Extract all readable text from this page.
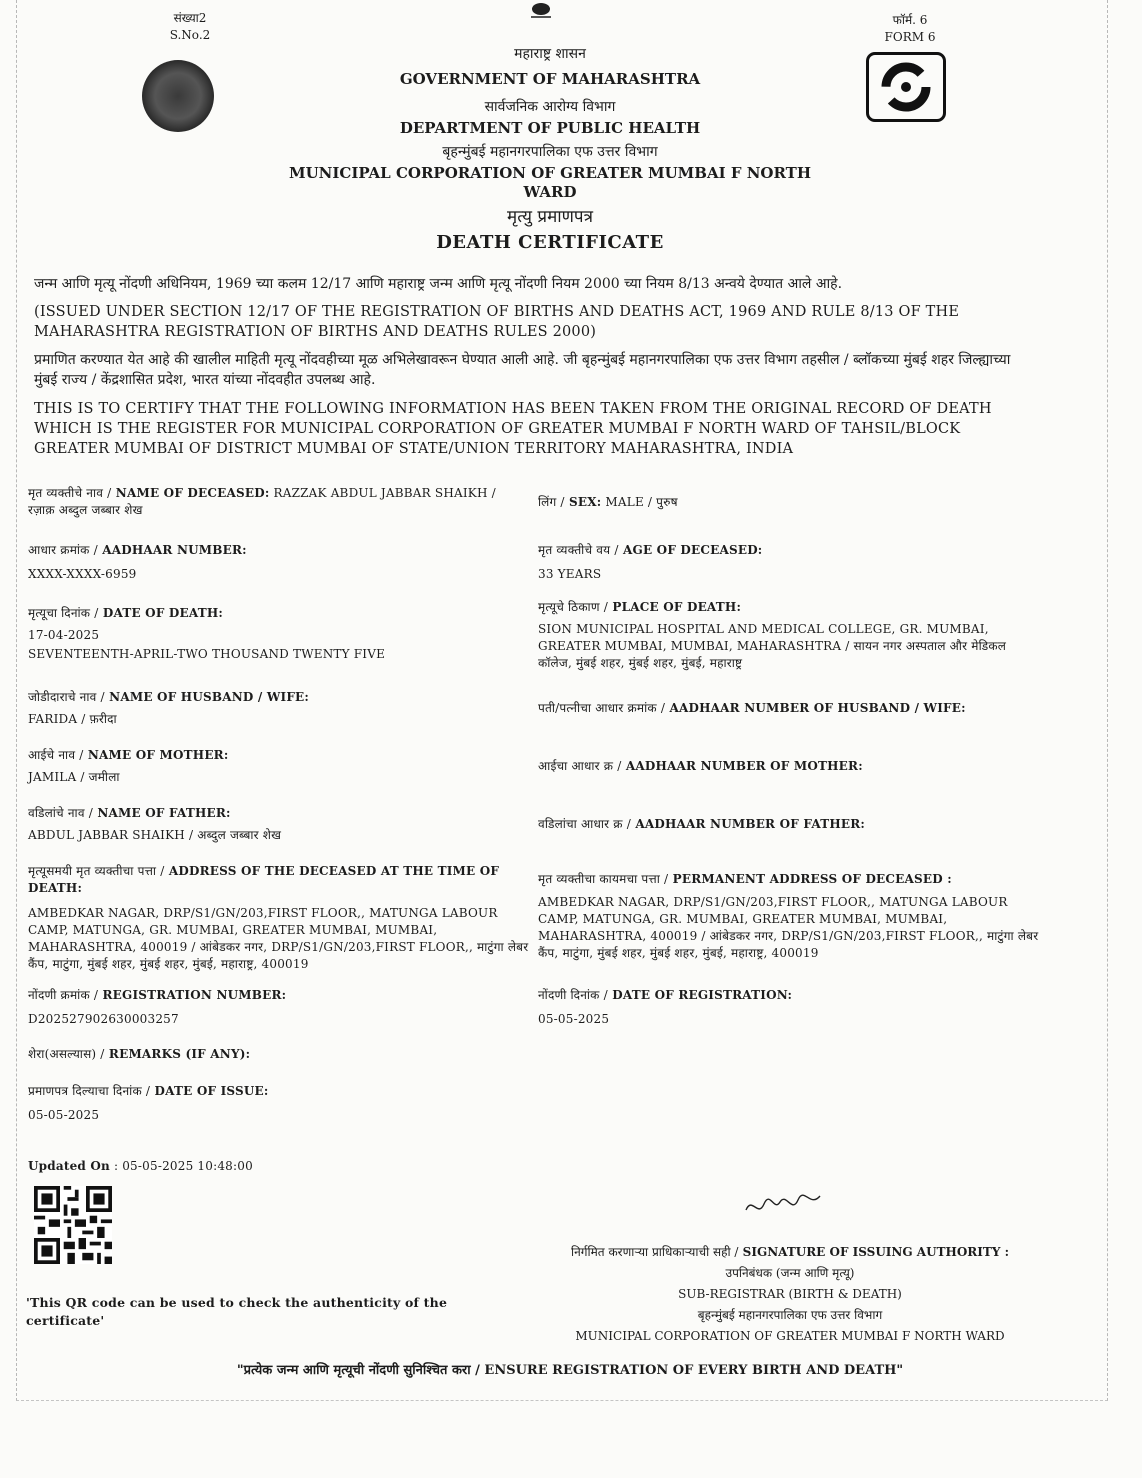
संख्या2
S.No.2
फॉर्म. 6
FORM 6
महाराष्ट्र शासन
GOVERNMENT OF MAHARASHTRA
सार्वजनिक आरोग्य विभाग
DEPARTMENT OF PUBLIC HEALTH
बृहन्मुंबई महानगरपालिका एफ उत्तर विभाग
MUNICIPAL CORPORATION OF GREATER MUMBAI F NORTH
WARD
मृत्यु प्रमाणपत्र
DEATH CERTIFICATE
जन्म आणि मृत्यू नोंदणी अधिनियम, 1969 च्या कलम 12/17 आणि महाराष्ट्र जन्म आणि मृत्यू नोंदणी नियम 2000 च्या नियम 8/13 अन्वये देण्यात आले आहे.
(ISSUED UNDER SECTION 12/17 OF THE REGISTRATION OF BIRTHS AND DEATHS ACT, 1969 AND RULE 8/13 OF THE MAHARASHTRA REGISTRATION OF BIRTHS AND DEATHS RULES 2000)
प्रमाणित करण्यात येत आहे की खालील माहिती मृत्यू नोंदवहीच्या मूळ अभिलेखावरून घेण्यात आली आहे. जी बृहन्मुंबई महानगरपालिका एफ उत्तर विभाग तहसील / ब्लॉकच्या मुंबई शहर जिल्ह्याच्या मुंबई राज्य / केंद्रशासित प्रदेश, भारत यांच्या नोंदवहीत उपलब्ध आहे.
THIS IS TO CERTIFY THAT THE FOLLOWING INFORMATION HAS BEEN TAKEN FROM THE ORIGINAL RECORD OF DEATH WHICH IS THE REGISTER FOR MUNICIPAL CORPORATION OF GREATER MUMBAI F NORTH WARD OF TAHSIL/BLOCK GREATER MUMBAI OF DISTRICT MUMBAI OF STATE/UNION TERRITORY MAHARASHTRA, INDIA
मृत व्यक्तीचे नाव / NAME OF DECEASED: RAZZAK ABDUL JABBAR SHAIKH /
रज़ाक़ अब्दुल जब्बार शेख
लिंग / SEX: MALE / पुरुष
आधार क्रमांक / AADHAAR NUMBER:
XXXX-XXXX-6959
मृत व्यक्तीचे वय / AGE OF DECEASED:
33 YEARS
मृत्यूचा दिनांक / DATE OF DEATH:
17-04-2025
SEVENTEENTH-APRIL-TWO THOUSAND TWENTY FIVE
मृत्यूचे ठिकाण / PLACE OF DEATH:
SION MUNICIPAL HOSPITAL AND MEDICAL COLLEGE, GR. MUMBAI, GREATER MUMBAI, MUMBAI, MAHARASHTRA / सायन नगर अस्पताल और मेडिकल कॉलेज, मुंबई शहर, मुंबई शहर, मुंबई, महाराष्ट्र
जोडीदाराचे नाव / NAME OF HUSBAND / WIFE:
FARIDA / फ़रीदा
पती/पत्नीचा आधार क्रमांक / AADHAAR NUMBER OF HUSBAND / WIFE:
आईचे नाव / NAME OF MOTHER:
JAMILA / जमीला
आईचा आधार क्र / AADHAAR NUMBER OF MOTHER:
वडिलांचे नाव / NAME OF FATHER:
ABDUL JABBAR SHAIKH / अब्दुल जब्बार शेख
वडिलांचा आधार क्र / AADHAAR NUMBER OF FATHER:
मृत्यूसमयी मृत व्यक्तीचा पत्ता / ADDRESS OF THE DECEASED AT THE TIME OF DEATH:
AMBEDKAR NAGAR, DRP/S1/GN/203,FIRST FLOOR,, MATUNGA LABOUR CAMP, MATUNGA, GR. MUMBAI, GREATER MUMBAI, MUMBAI, MAHARASHTRA, 400019 / आंबेडकर नगर, DRP/S1/GN/203,FIRST FLOOR,, माटुंगा लेबर कैंप, माटुंगा, मुंबई शहर, मुंबई शहर, मुंबई, महाराष्ट्र, 400019
मृत व्यक्तीचा कायमचा पत्ता / PERMANENT ADDRESS OF DECEASED :
AMBEDKAR NAGAR, DRP/S1/GN/203,FIRST FLOOR,, MATUNGA LABOUR CAMP, MATUNGA, GR. MUMBAI, GREATER MUMBAI, MUMBAI, MAHARASHTRA, 400019 / आंबेडकर नगर, DRP/S1/GN/203,FIRST FLOOR,, माटुंगा लेबर कैंप, माटुंगा, मुंबई शहर, मुंबई शहर, मुंबई, महाराष्ट्र, 400019
नोंदणी क्रमांक / REGISTRATION NUMBER:
D202527902630003257
नोंदणी दिनांक / DATE OF REGISTRATION:
05-05-2025
शेरा(असल्यास) / REMARKS (IF ANY):
प्रमाणपत्र दिल्याचा दिनांक / DATE OF ISSUE:
05-05-2025
Updated On : 05-05-2025 10:48:00
'This QR code can be used to check the authenticity of the certificate'
निर्गमित करणाऱ्या प्राधिकाऱ्याची सही / SIGNATURE OF ISSUING AUTHORITY :
उपनिबंधक (जन्म आणि मृत्यू)
SUB-REGISTRAR (BIRTH & DEATH)
बृहन्मुंबई महानगरपालिका एफ उत्तर विभाग
MUNICIPAL CORPORATION OF GREATER MUMBAI F NORTH WARD
"प्रत्येक जन्म आणि मृत्यूची नोंदणी सुनिश्चित करा / ENSURE REGISTRATION OF EVERY BIRTH AND DEATH"
